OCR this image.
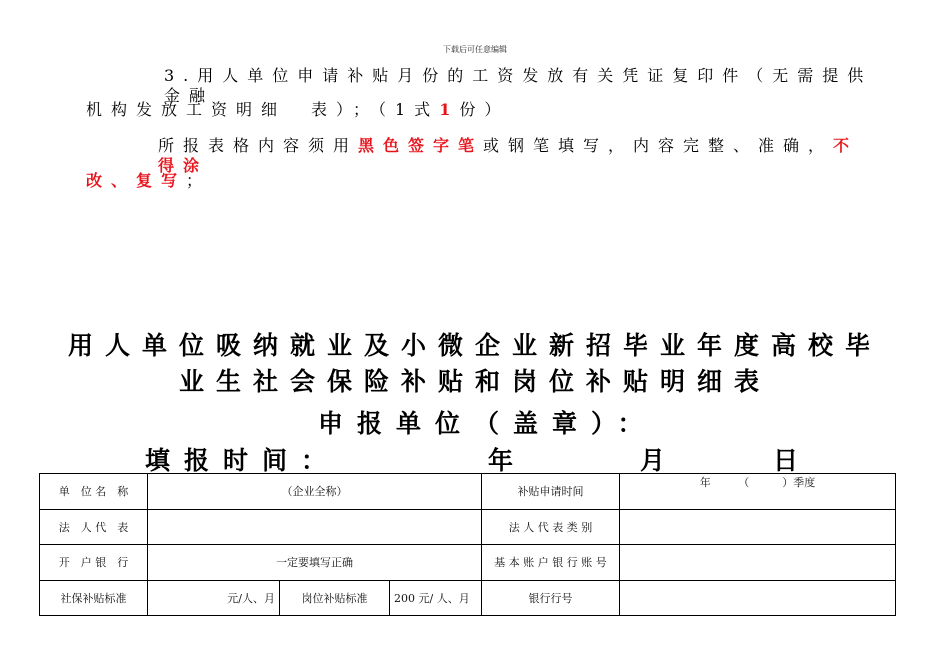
下载后可任意编辑
3.用人单位申请补贴月份的工资发放有关凭证复印件（无需提供金融
机构发放工资明细　表）；（1式1份）
所报表格内容须用黑色签字笔或钢笔填写，内容完整、准确，不得涂
改、复写；
用人单位吸纳就业及小微企业新招毕业年度高校毕
业生社会保险补贴和岗位补贴明细表
申报单位（盖章）：
填报时间：	年	月	日
单　位 名　称	（企业全称）			补贴申请时间	年　　　（　　　）季度
法　人 代　表				法 人 代 表 类 别	
开　户 银　行	一定要填写正确			基 本 账 户 银 行 账 号	
社保补贴标准	元/人、月	岗位补贴标准	200 元/ 人、月	银行行号	
